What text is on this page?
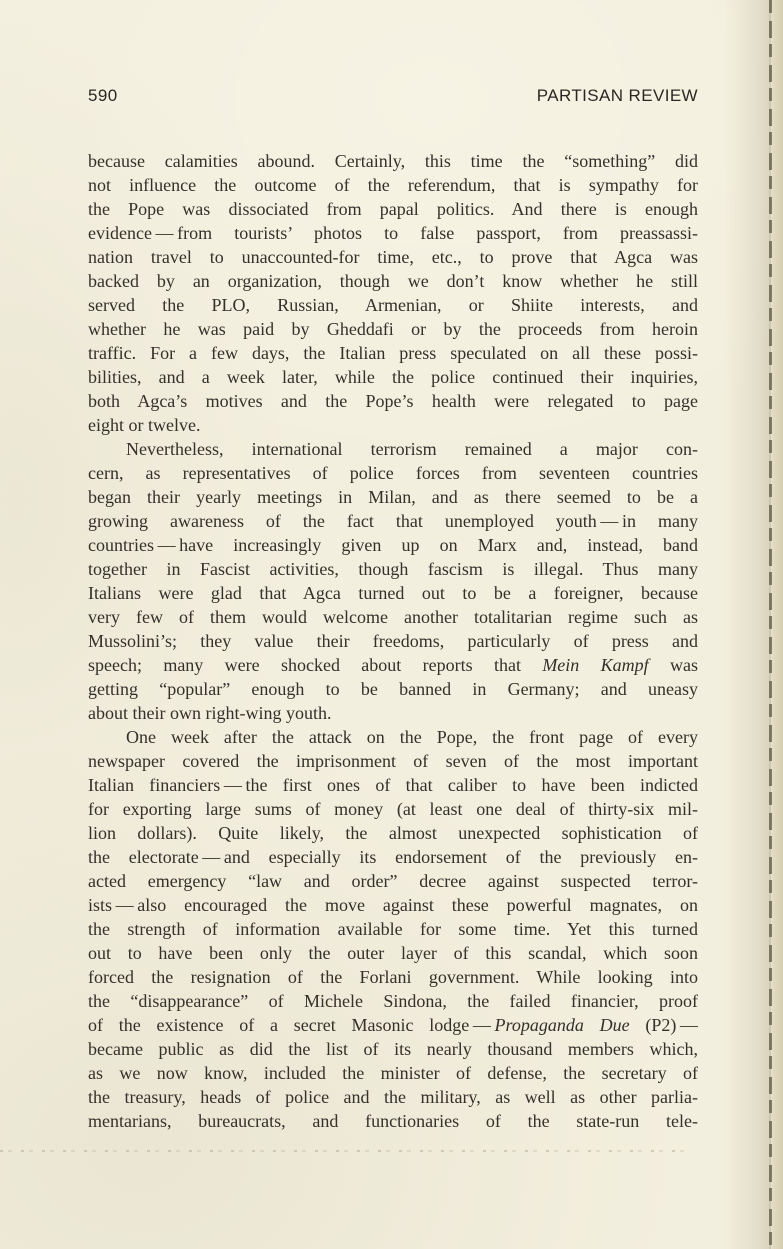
590	PARTISAN REVIEW
because calamities abound. Certainly, this time the “something” did
not influence the outcome of the referendum, that is sympathy for
the Pope was dissociated from papal politics. And there is enough
evidence — from tourists’ photos to false passport, from preassassi-
nation travel to unaccounted-for time, etc., to prove that Agca was
backed by an organization, though we don’t know whether he still
served the PLO, Russian, Armenian, or Shiite interests, and
whether he was paid by Gheddafi or by the proceeds from heroin
traffic. For a few days, the Italian press speculated on all these possi-
bilities, and a week later, while the police continued their inquiries,
both Agca’s motives and the Pope’s health were relegated to page
eight or twelve.
Nevertheless, international terrorism remained a major con-
cern, as representatives of police forces from seventeen countries
began their yearly meetings in Milan, and as there seemed to be a
growing awareness of the fact that unemployed youth — in many
countries — have increasingly given up on Marx and, instead, band
together in Fascist activities, though fascism is illegal. Thus many
Italians were glad that Agca turned out to be a foreigner, because
very few of them would welcome another totalitarian regime such as
Mussolini’s; they value their freedoms, particularly of press and
speech; many were shocked about reports that Mein Kampf was
getting “popular” enough to be banned in Germany; and uneasy
about their own right-wing youth.
One week after the attack on the Pope, the front page of every
newspaper covered the imprisonment of seven of the most important
Italian financiers — the first ones of that caliber to have been indicted
for exporting large sums of money (at least one deal of thirty-six mil-
lion dollars). Quite likely, the almost unexpected sophistication of
the electorate — and especially its endorsement of the previously en-
acted emergency “law and order” decree against suspected terror-
ists — also encouraged the move against these powerful magnates, on
the strength of information available for some time. Yet this turned
out to have been only the outer layer of this scandal, which soon
forced the resignation of the Forlani government. While looking into
the “disappearance” of Michele Sindona, the failed financier, proof
of the existence of a secret Masonic lodge — Propaganda Due (P2) —
became public as did the list of its nearly thousand members which,
as we now know, included the minister of defense, the secretary of
the treasury, heads of police and the military, as well as other parlia-
mentarians, bureaucrats, and functionaries of the state-run tele-
